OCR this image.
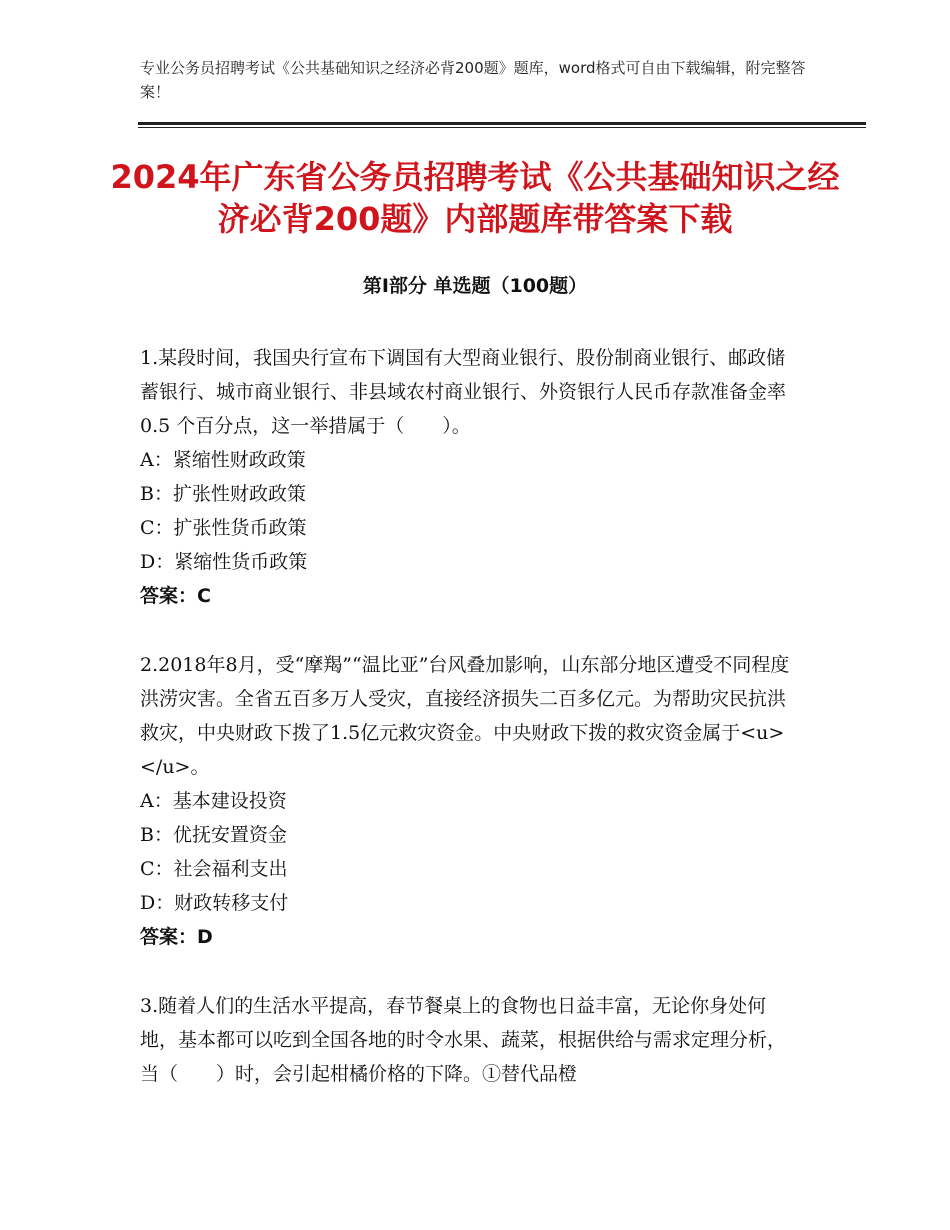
专业公务员招聘考试《公共基础知识之经济必背200题》题库，word格式可自由下载编辑，附完整答案！
2024年广东省公务员招聘考试《公共基础知识之经济必背200题》内部题库带答案下载
第Ⅰ部分 单选题（100题）

1.某段时间，我国央行宣布下调国有大型商业银行、股份制商业银行、邮政储蓄银行、城市商业银行、非县域农村商业银行、外资银行人民币存款准备金率 0.5 个百分点，这一举措属于（　　）。

A：紧缩性财政政策

B：扩张性财政政策

C：扩张性货币政策

D：紧缩性货币政策

答案：C

2.2018年8月，受“摩羯”“温比亚”台风叠加影响，山东部分地区遭受不同程度洪涝灾害。全省五百多万人受灾，直接经济损失二百多亿元。为帮助灾民抗洪救灾，中央财政下拨了1.5亿元救灾资金。中央财政下拨的救灾资金属于<u>　　　</u>。

A：基本建设投资

B：优抚安置资金

C：社会福利支出

D：财政转移支付

答案：D

3.随着人们的生活水平提高，春节餐桌上的食物也日益丰富，无论你身处何地，基本都可以吃到全国各地的时令水果、蔬菜，根据供给与需求定理分析，当（　　）时，会引起柑橘价格的下降。①替代品橙
